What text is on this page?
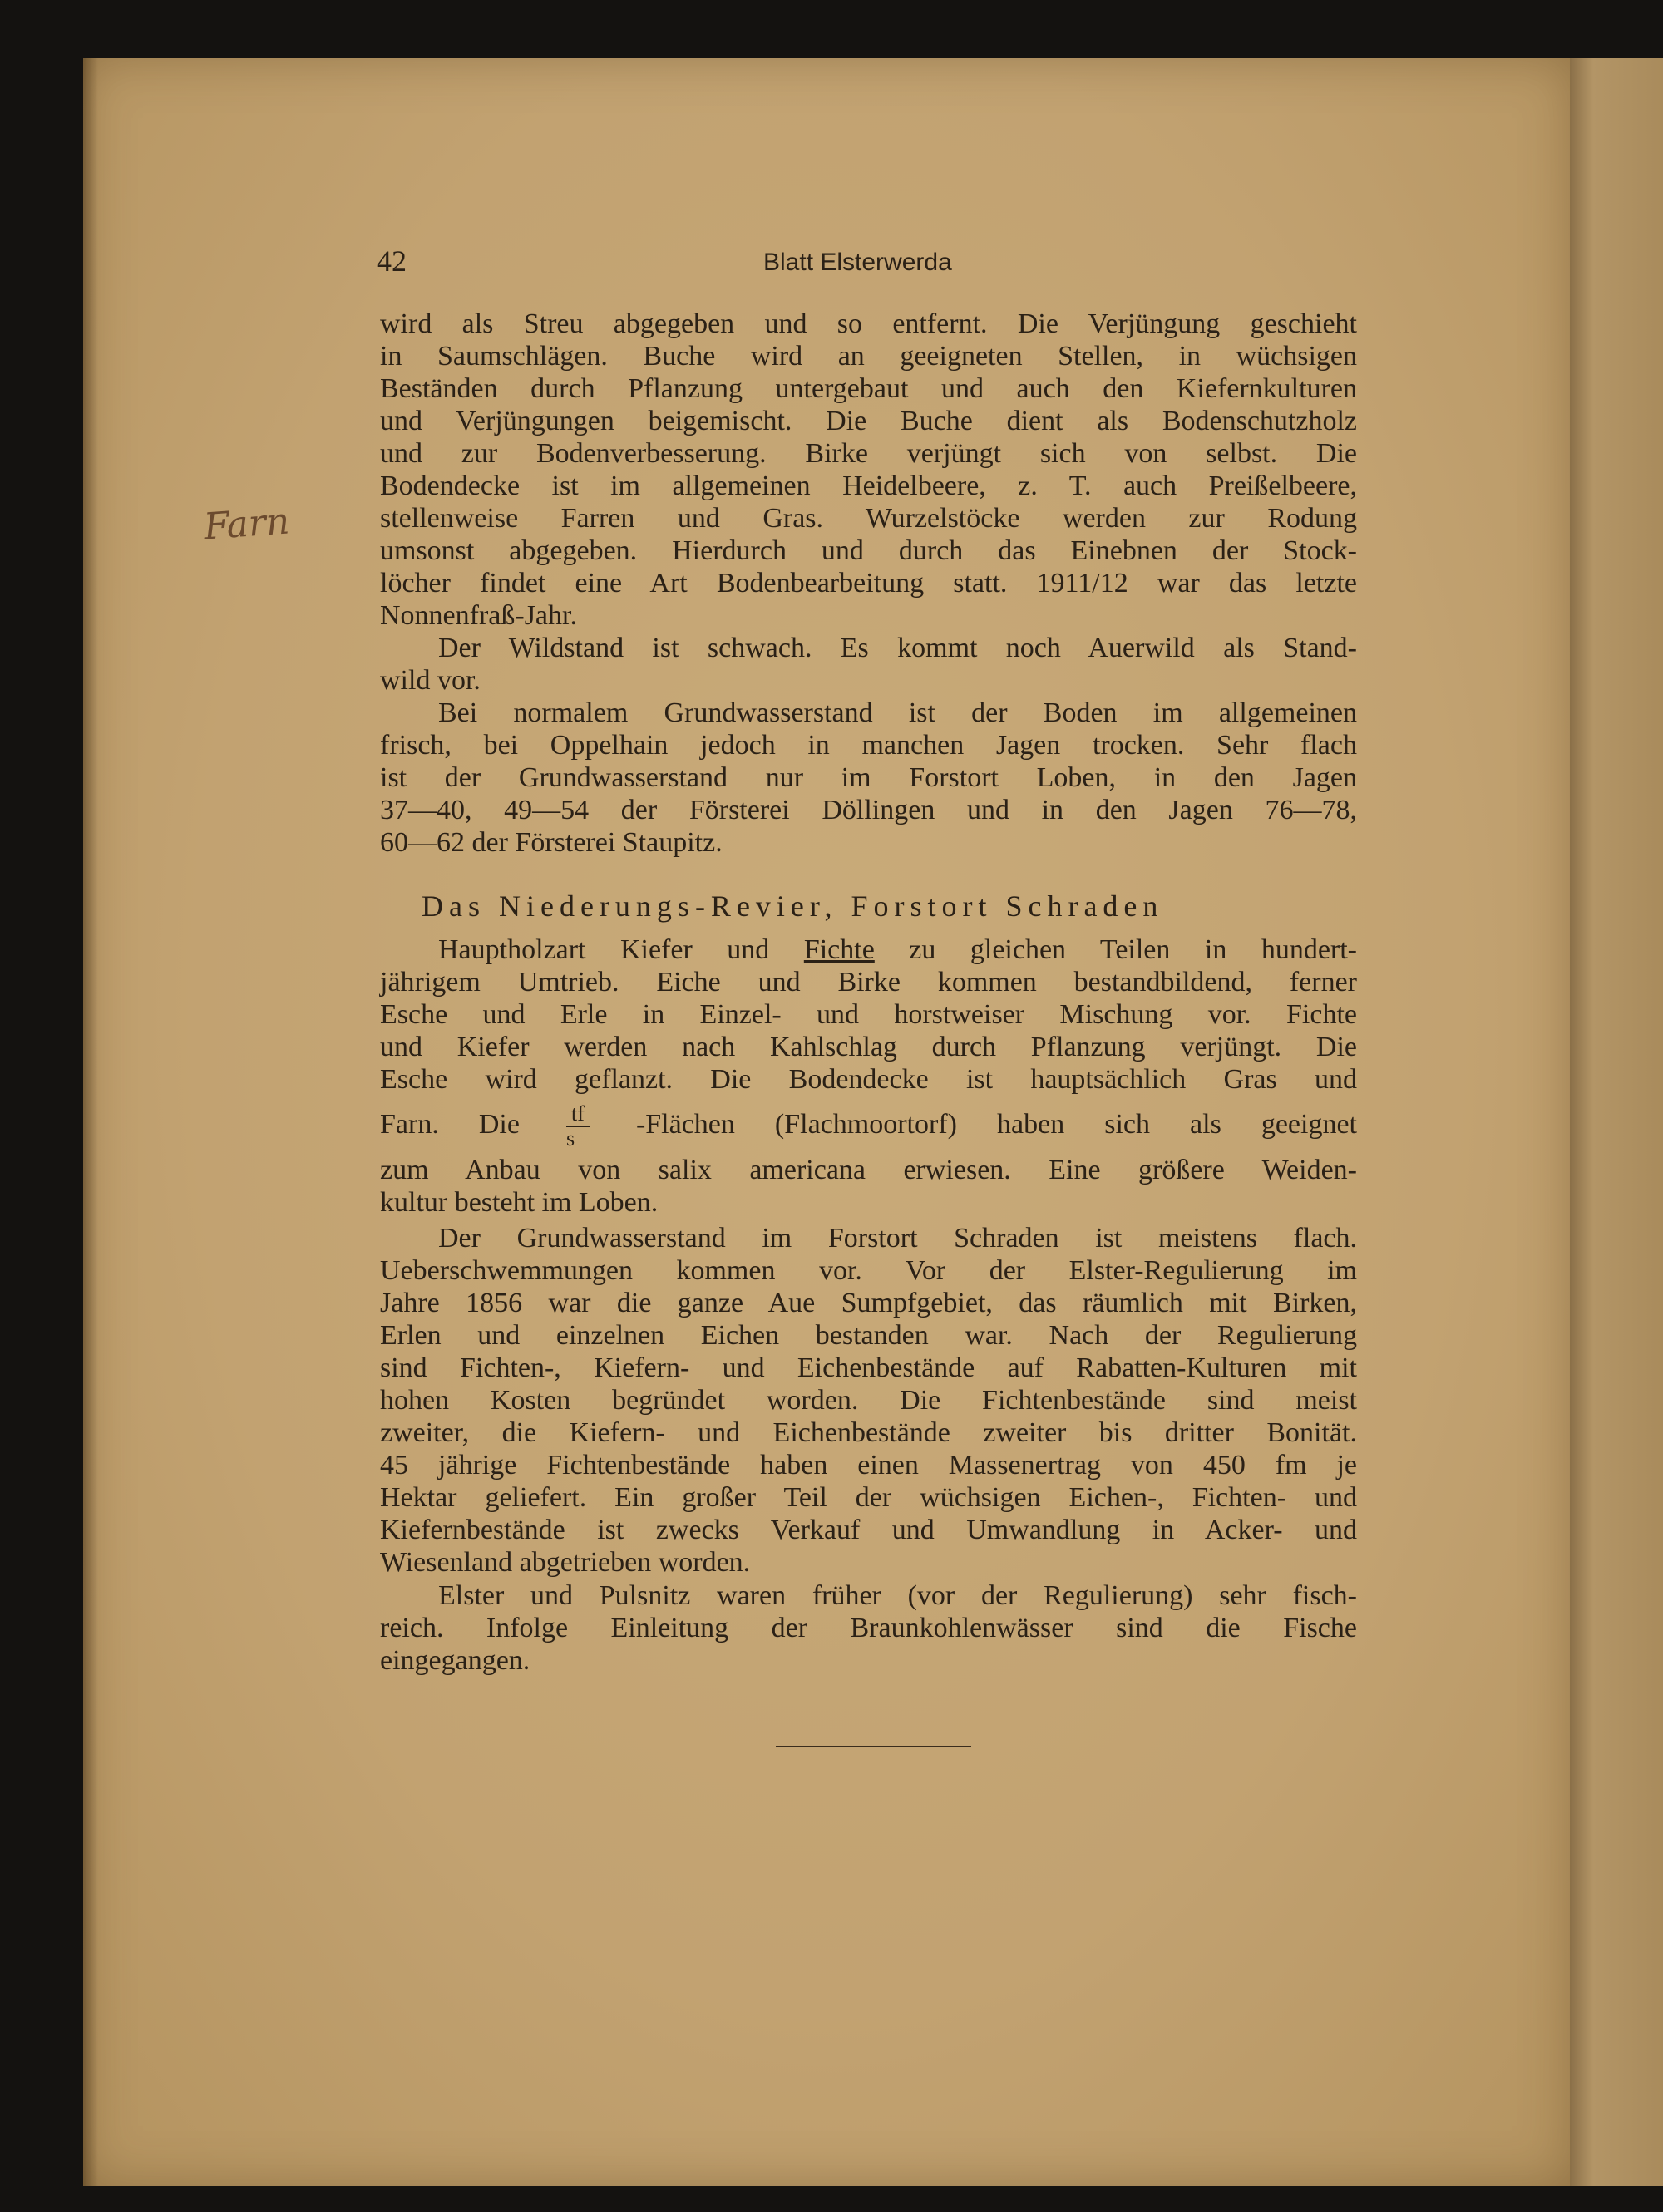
42	Blatt Elsterwerda
Farn
wird als Streu abgegeben und so entfernt. Die Verjüngung geschieht
in Saumschlägen. Buche wird an geeigneten Stellen, in wüchsigen
Beständen durch Pflanzung untergebaut und auch den Kiefernkulturen
und Verjüngungen beigemischt. Die Buche dient als Bodenschutzholz
und zur Bodenverbesserung. Birke verjüngt sich von selbst. Die
Bodendecke ist im allgemeinen Heidelbeere, z. T. auch Preißelbeere,
stellenweise Farren und Gras. Wurzelstöcke werden zur Rodung
umsonst abgegeben. Hierdurch und durch das Einebnen der Stock-
löcher findet eine Art Bodenbearbeitung statt. 1911/12 war das letzte
Nonnenfraß-Jahr.
Der Wildstand ist schwach. Es kommt noch Auerwild als Stand-
wild vor.
Bei normalem Grundwasserstand ist der Boden im allgemeinen
frisch, bei Oppelhain jedoch in manchen Jagen trocken. Sehr flach
ist der Grundwasserstand nur im Forstort Loben, in den Jagen
37—40, 49—54 der Försterei Döllingen und in den Jagen 76—78,
60—62 der Försterei Staupitz.
Das Niederungs-Revier, Forstort Schraden
Hauptholzart Kiefer und Fichte zu gleichen Teilen in hundert-
jährigem Umtrieb. Eiche und Birke kommen bestandbildend, ferner
Esche und Erle in Einzel- und horstweiser Mischung vor. Fichte
und Kiefer werden nach Kahlschlag durch Pflanzung verjüngt. Die
Esche wird geflanzt. Die Bodendecke ist hauptsächlich Gras und
Farn. Die $\frac{tf}{s}$ -Flächen (Flachmoortorf) haben sich als geeignet
zum Anbau von salix americana erwiesen. Eine größere Weiden-
kultur besteht im Loben.
Der Grundwasserstand im Forstort Schraden ist meistens flach.
Ueberschwemmungen kommen vor. Vor der Elster-Regulierung im
Jahre 1856 war die ganze Aue Sumpfgebiet, das räumlich mit Birken,
Erlen und einzelnen Eichen bestanden war. Nach der Regulierung
sind Fichten-, Kiefern- und Eichenbestände auf Rabatten-Kulturen mit
hohen Kosten begründet worden. Die Fichtenbestände sind meist
zweiter, die Kiefern- und Eichenbestände zweiter bis dritter Bonität.
45 jährige Fichtenbestände haben einen Massenertrag von 450 fm je
Hektar geliefert. Ein großer Teil der wüchsigen Eichen-, Fichten- und
Kiefernbestände ist zwecks Verkauf und Umwandlung in Acker- und
Wiesenland abgetrieben worden.
Elster und Pulsnitz waren früher (vor der Regulierung) sehr fisch-
reich. Infolge Einleitung der Braunkohlenwässer sind die Fische
eingegangen.
